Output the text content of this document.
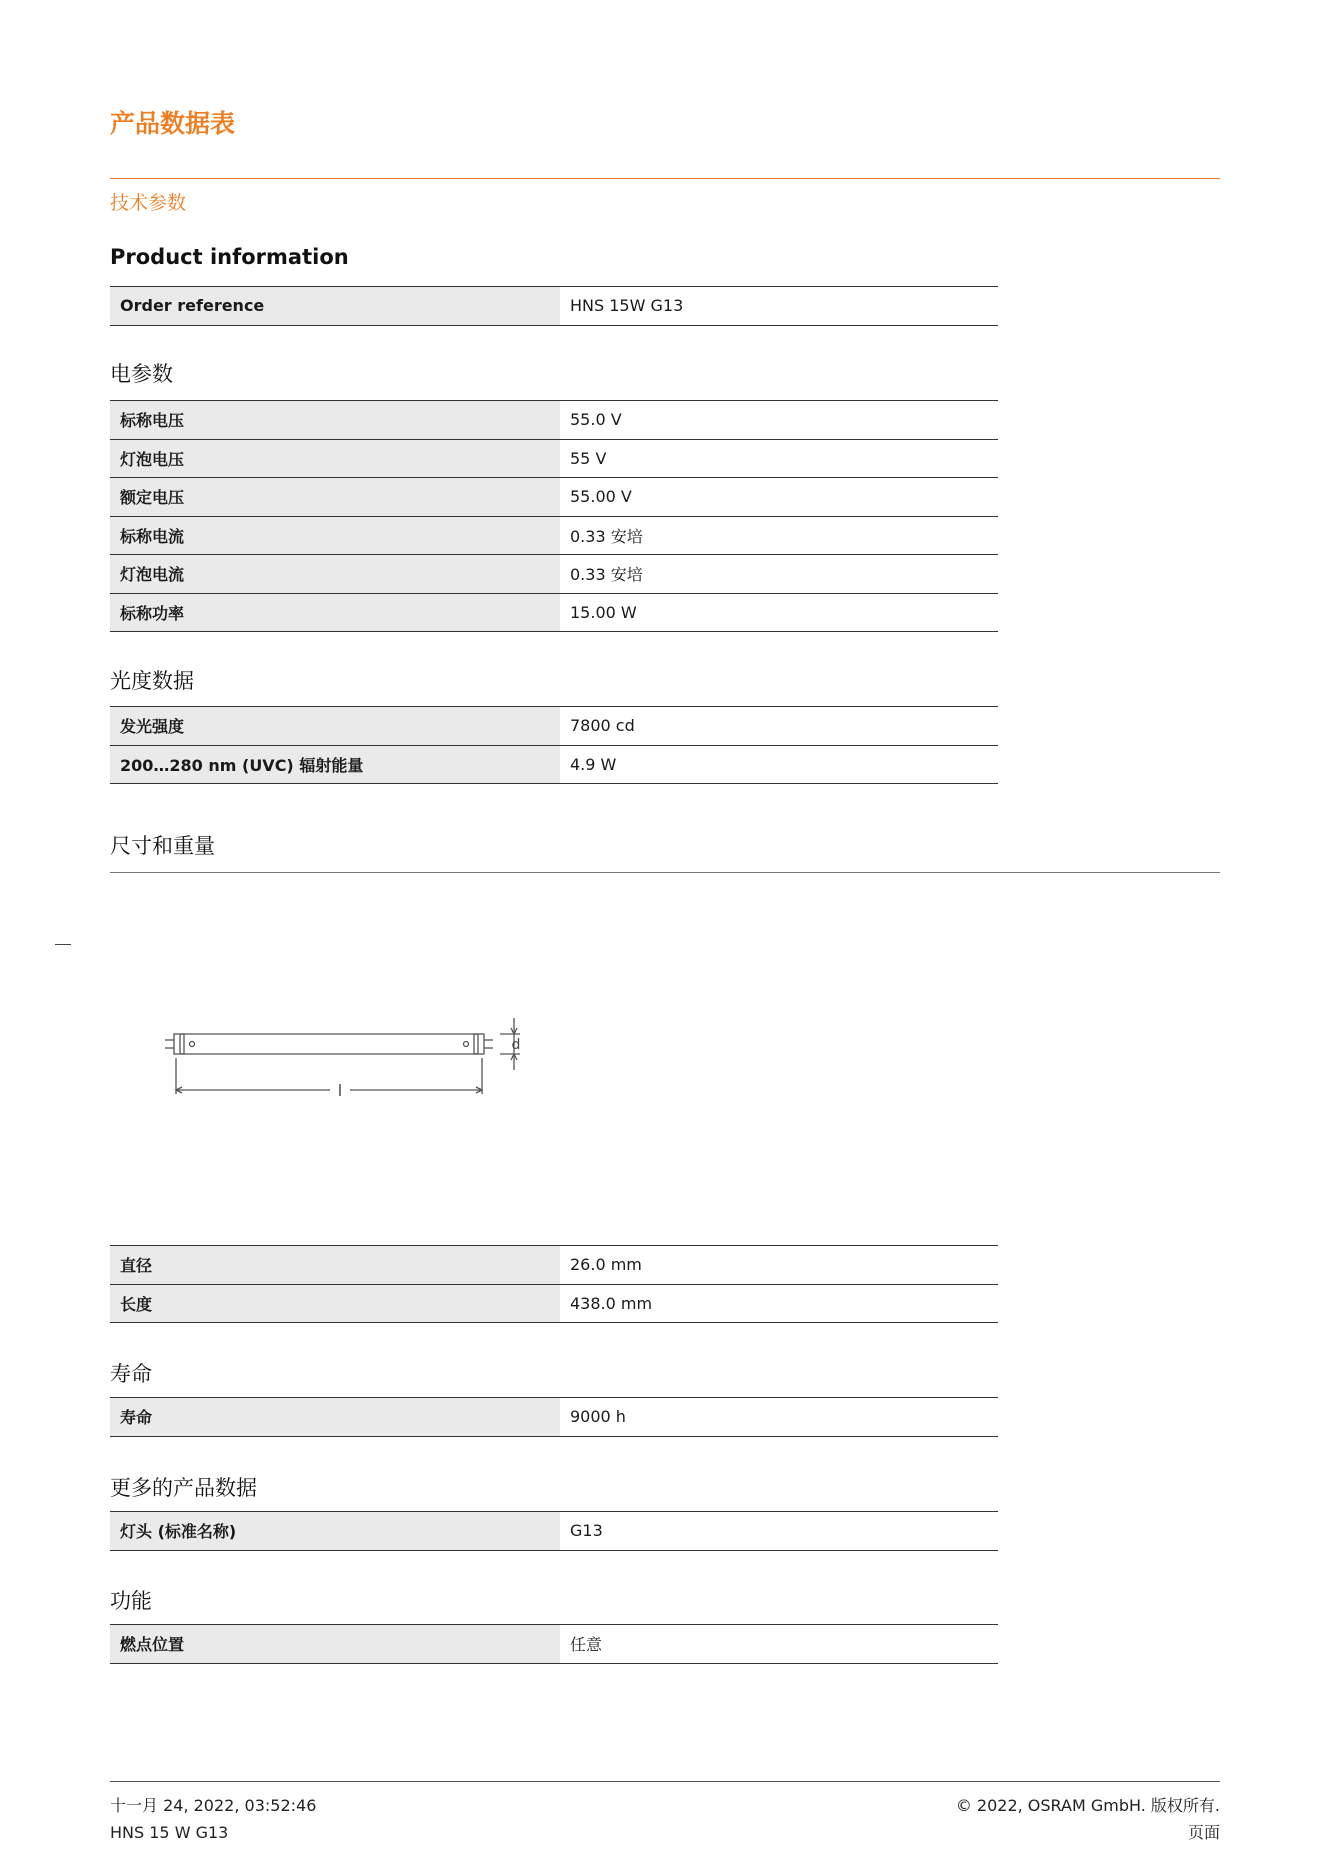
产品数据表
技术参数
Product information
Order reference	HNS 15W G13
电参数
标称电压	55.0 V
灯泡电压	55 V
额定电压	55.00 V
标称电流	0.33 安培
灯泡电流	0.33 安培
标称功率	15.00 W
光度数据
发光强度	7800 cd
200…280 nm (UVC) 辐射能量	4.9 W
尺寸和重量
l
d
直径	26.0 mm
长度	438.0 mm
寿命
寿命	9000 h
更多的产品数据
灯头 (标准名称)	G13
功能
燃点位置	任意
十一月 24, 2022, 03:52:46
HNS 15 W G13
© 2022, OSRAM GmbH. 版权所有.
页面
